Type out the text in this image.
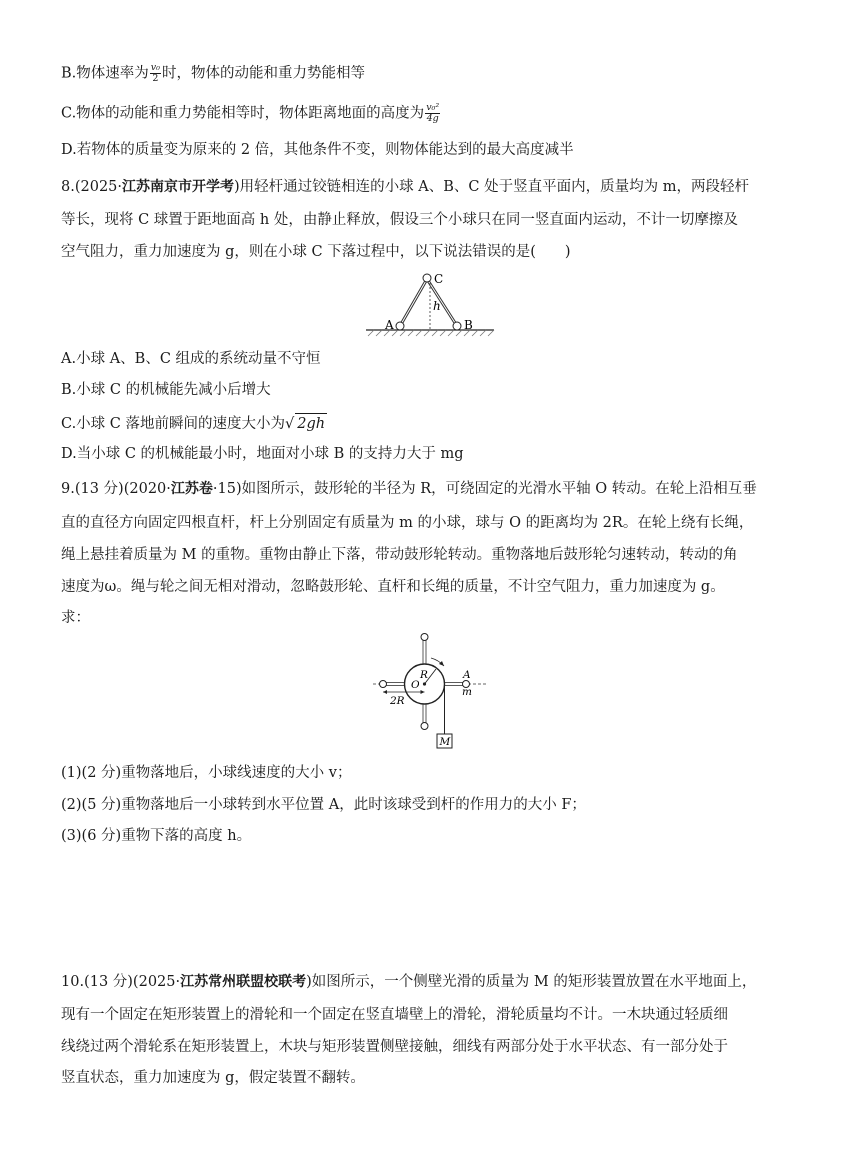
B.物体速率为 $\frac{\text{v₀}}{2}$ 时，物体的动能和重力势能相等
C.物体的动能和重力势能相等时，物体距离地面的高度为 $\frac{\text{v₀²}}{4g}$
D.若物体的质量变为原来的 2 倍，其他条件不变，则物体能达到的最大高度减半
8.(2025·江苏南京市开学考)用轻杆通过铰链相连的小球 A、B、C 处于竖直平面内，质量均为 m，两段轻杆
等长，现将 C 球置于距地面高 h 处，由静止释放，假设三个小球只在同一竖直面内运动，不计一切摩擦及
空气阻力，重力加速度为 g，则在小球 C 下落过程中，以下说法错误的是(　　)
C
h
A	B
A.小球 A、B、C 组成的系统动量不守恒
B.小球 C 的机械能先减小后增大
C.小球 C 落地前瞬间的速度大小为√ 2gh
D.当小球 C 的机械能最小时，地面对小球 B 的支持力大于 mg
9.(13 分)(2020·江苏卷·15)如图所示，鼓形轮的半径为 R，可绕固定的光滑水平轴 O 转动。在轮上沿相互垂
直的直径方向固定四根直杆，杆上分别固定有质量为 m 的小球，球与 O 的距离均为 2R。在轮上绕有长绳，
绳上悬挂着质量为 M 的重物。重物由静止下落，带动鼓形轮转动。重物落地后鼓形轮匀速转动，转动的角
速度为ω。绳与轮之间无相对滑动，忽略鼓形轮、直杆和长绳的质量，不计空气阻力，重力加速度为 g。
求：
R
O
2R
A
m
M
(1)(2 分)重物落地后，小球线速度的大小 v；
(2)(5 分)重物落地后一小球转到水平位置 A，此时该球受到杆的作用力的大小 F；
(3)(6 分)重物下落的高度 h。
10.(13 分)(2025·江苏常州联盟校联考)如图所示，一个侧壁光滑的质量为 M 的矩形装置放置在水平地面上，
现有一个固定在矩形装置上的滑轮和一个固定在竖直墙壁上的滑轮，滑轮质量均不计。一木块通过轻质细
线绕过两个滑轮系在矩形装置上，木块与矩形装置侧壁接触，细线有两部分处于水平状态、有一部分处于
竖直状态，重力加速度为 g，假定装置不翻转。
